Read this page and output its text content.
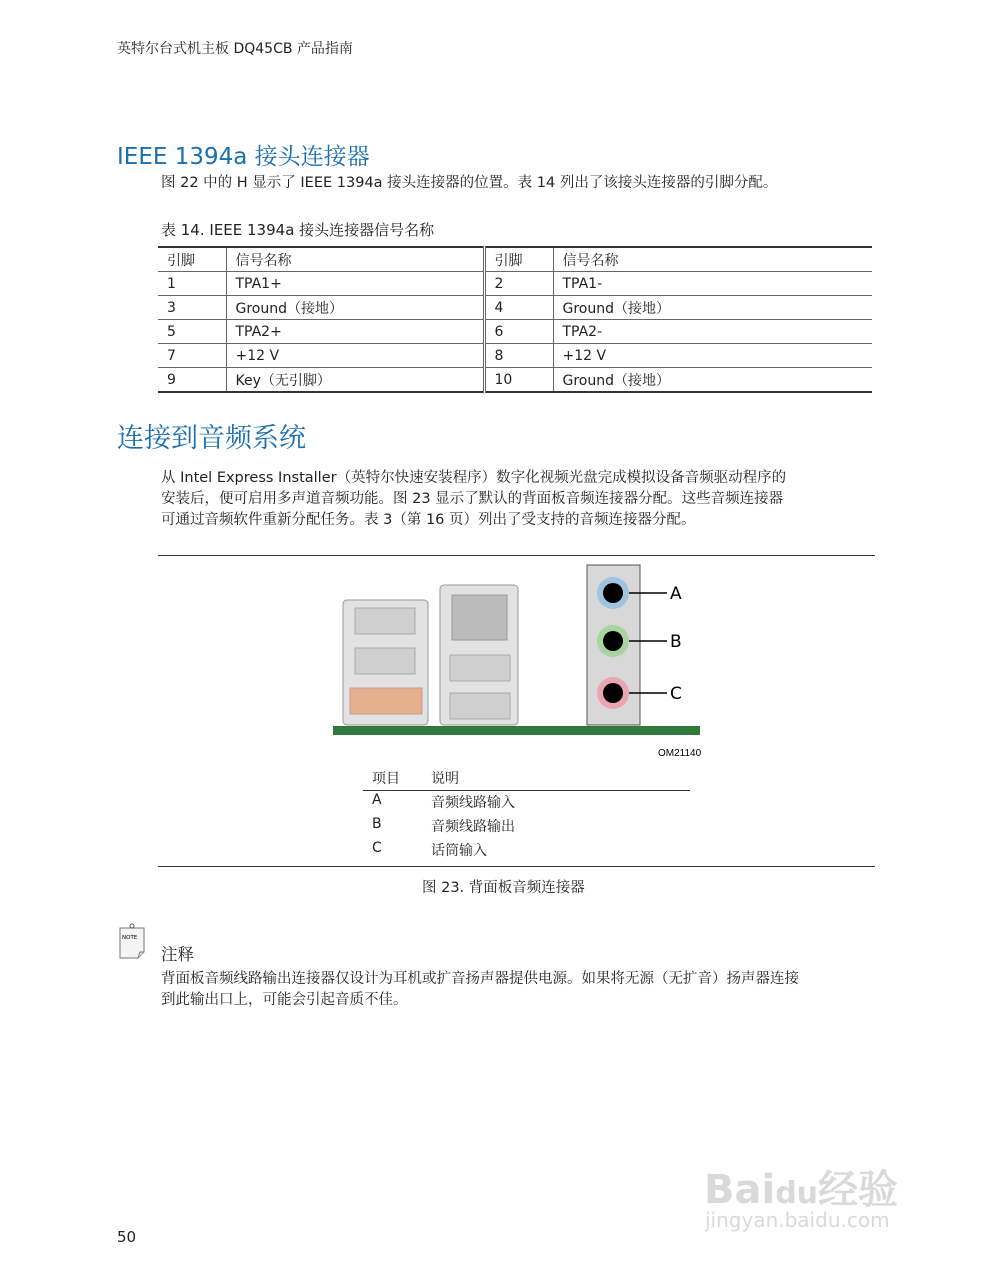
英特尔台式机主板 DQ45CB 产品指南
IEEE 1394a 接头连接器
图 22 中的 H 显示了 IEEE 1394a 接头连接器的位置。表 14 列出了该接头连接器的引脚分配。
表 14. IEEE 1394a 接头连接器信号名称
引脚	信号名称	引脚	信号名称
1	TPA1+	2	TPA1-
3	Ground（接地）	4	Ground（接地）
5	TPA2+	6	TPA2-
7	+12 V	8	+12 V
9	Key（无引脚）	10	Ground（接地）
连接到音频系统
从 Intel Express Installer（英特尔快速安装程序）数字化视频光盘完成模拟设备音频驱动程序的
安装后，便可启用多声道音频功能。图 23 显示了默认的背面板音频连接器分配。这些音频连接器
可通过音频软件重新分配任务。表 3（第 16 页）列出了受支持的音频连接器分配。
A
B
C
OM21140
项目 说明
A	音频线路输入
B	音频线路输出
C	话筒输入
图 23. 背面板音频连接器
NOTE
注释
背面板音频线路输出连接器仅设计为耳机或扩音扬声器提供电源。如果将无源（无扩音）扬声器连接
到此输出口上，可能会引起音质不佳。
Baidu经验
jingyan.baidu.com
50
